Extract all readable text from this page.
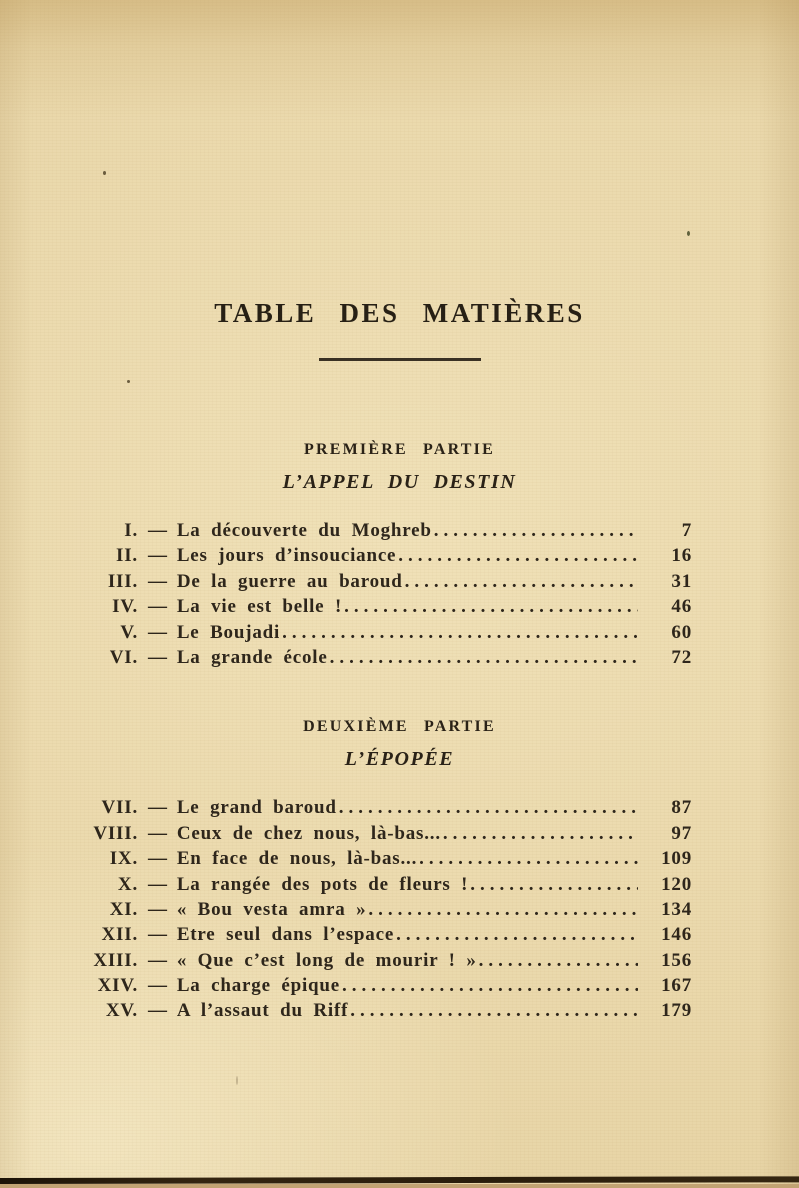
TABLE DES MATIÈRES
PREMIÈRE PARTIE
L’APPEL DU DESTIN
I. — La découverte du Moghreb .....	7
II. — Les jours d’insouciance .....	16
III. — De la guerre au baroud .....	31
IV. — La vie est belle ! .....	46
V. — Le Boujadi .....	60
VI. — La grande école .....	72
DEUXIÈME PARTIE
L’ÉPOPÉE
VII. — Le grand baroud .....	87
VIII. — Ceux de chez nous, là-bas... .....	97
IX. — En face de nous, là-bas... .....	109
X. — La rangée des pots de fleurs ! .....	120
XI. — « Bou vesta amra » .....	134
XII. — Etre seul dans l’espace .....	146
XIII. — « Que c’est long de mourir ! » .....	156
XIV. — La charge épique .....	167
XV. — A l’assaut du Riff .....	179
